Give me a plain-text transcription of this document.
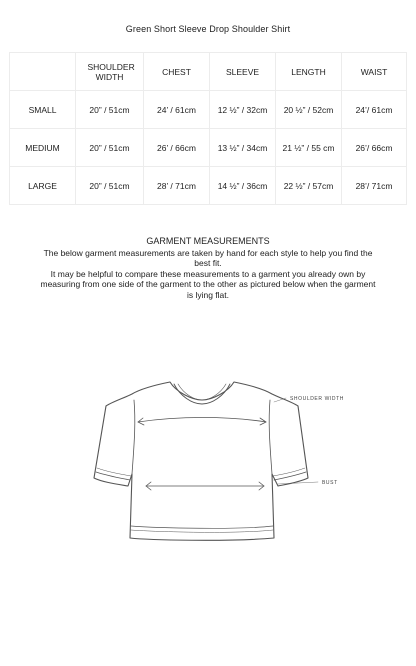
Green Short Sleeve Drop Shoulder Shirt
	SHOULDER WIDTH	CHEST	SLEEVE	LENGTH	WAIST
SMALL	20” / 51cm	24’ / 61cm	12 ½” / 32cm	20 ½” / 52cm	24’/ 61cm
MEDIUM	20” / 51cm	26’ / 66cm	13 ½” / 34cm	21 ½” / 55 cm	26’/ 66cm
LARGE	20” / 51cm	28’ / 71cm	14 ½” / 36cm	22 ½” / 57cm	28’/ 71cm
GARMENT MEASUREMENTS

The below garment measurements are taken by hand for each style to help you find the best fit.

It may be helpful to compare these measurements to a garment you already own by measuring from one side of the garment to the other as pictured below when the garment is lying flat.

SHOULDER WIDTH
BUST
